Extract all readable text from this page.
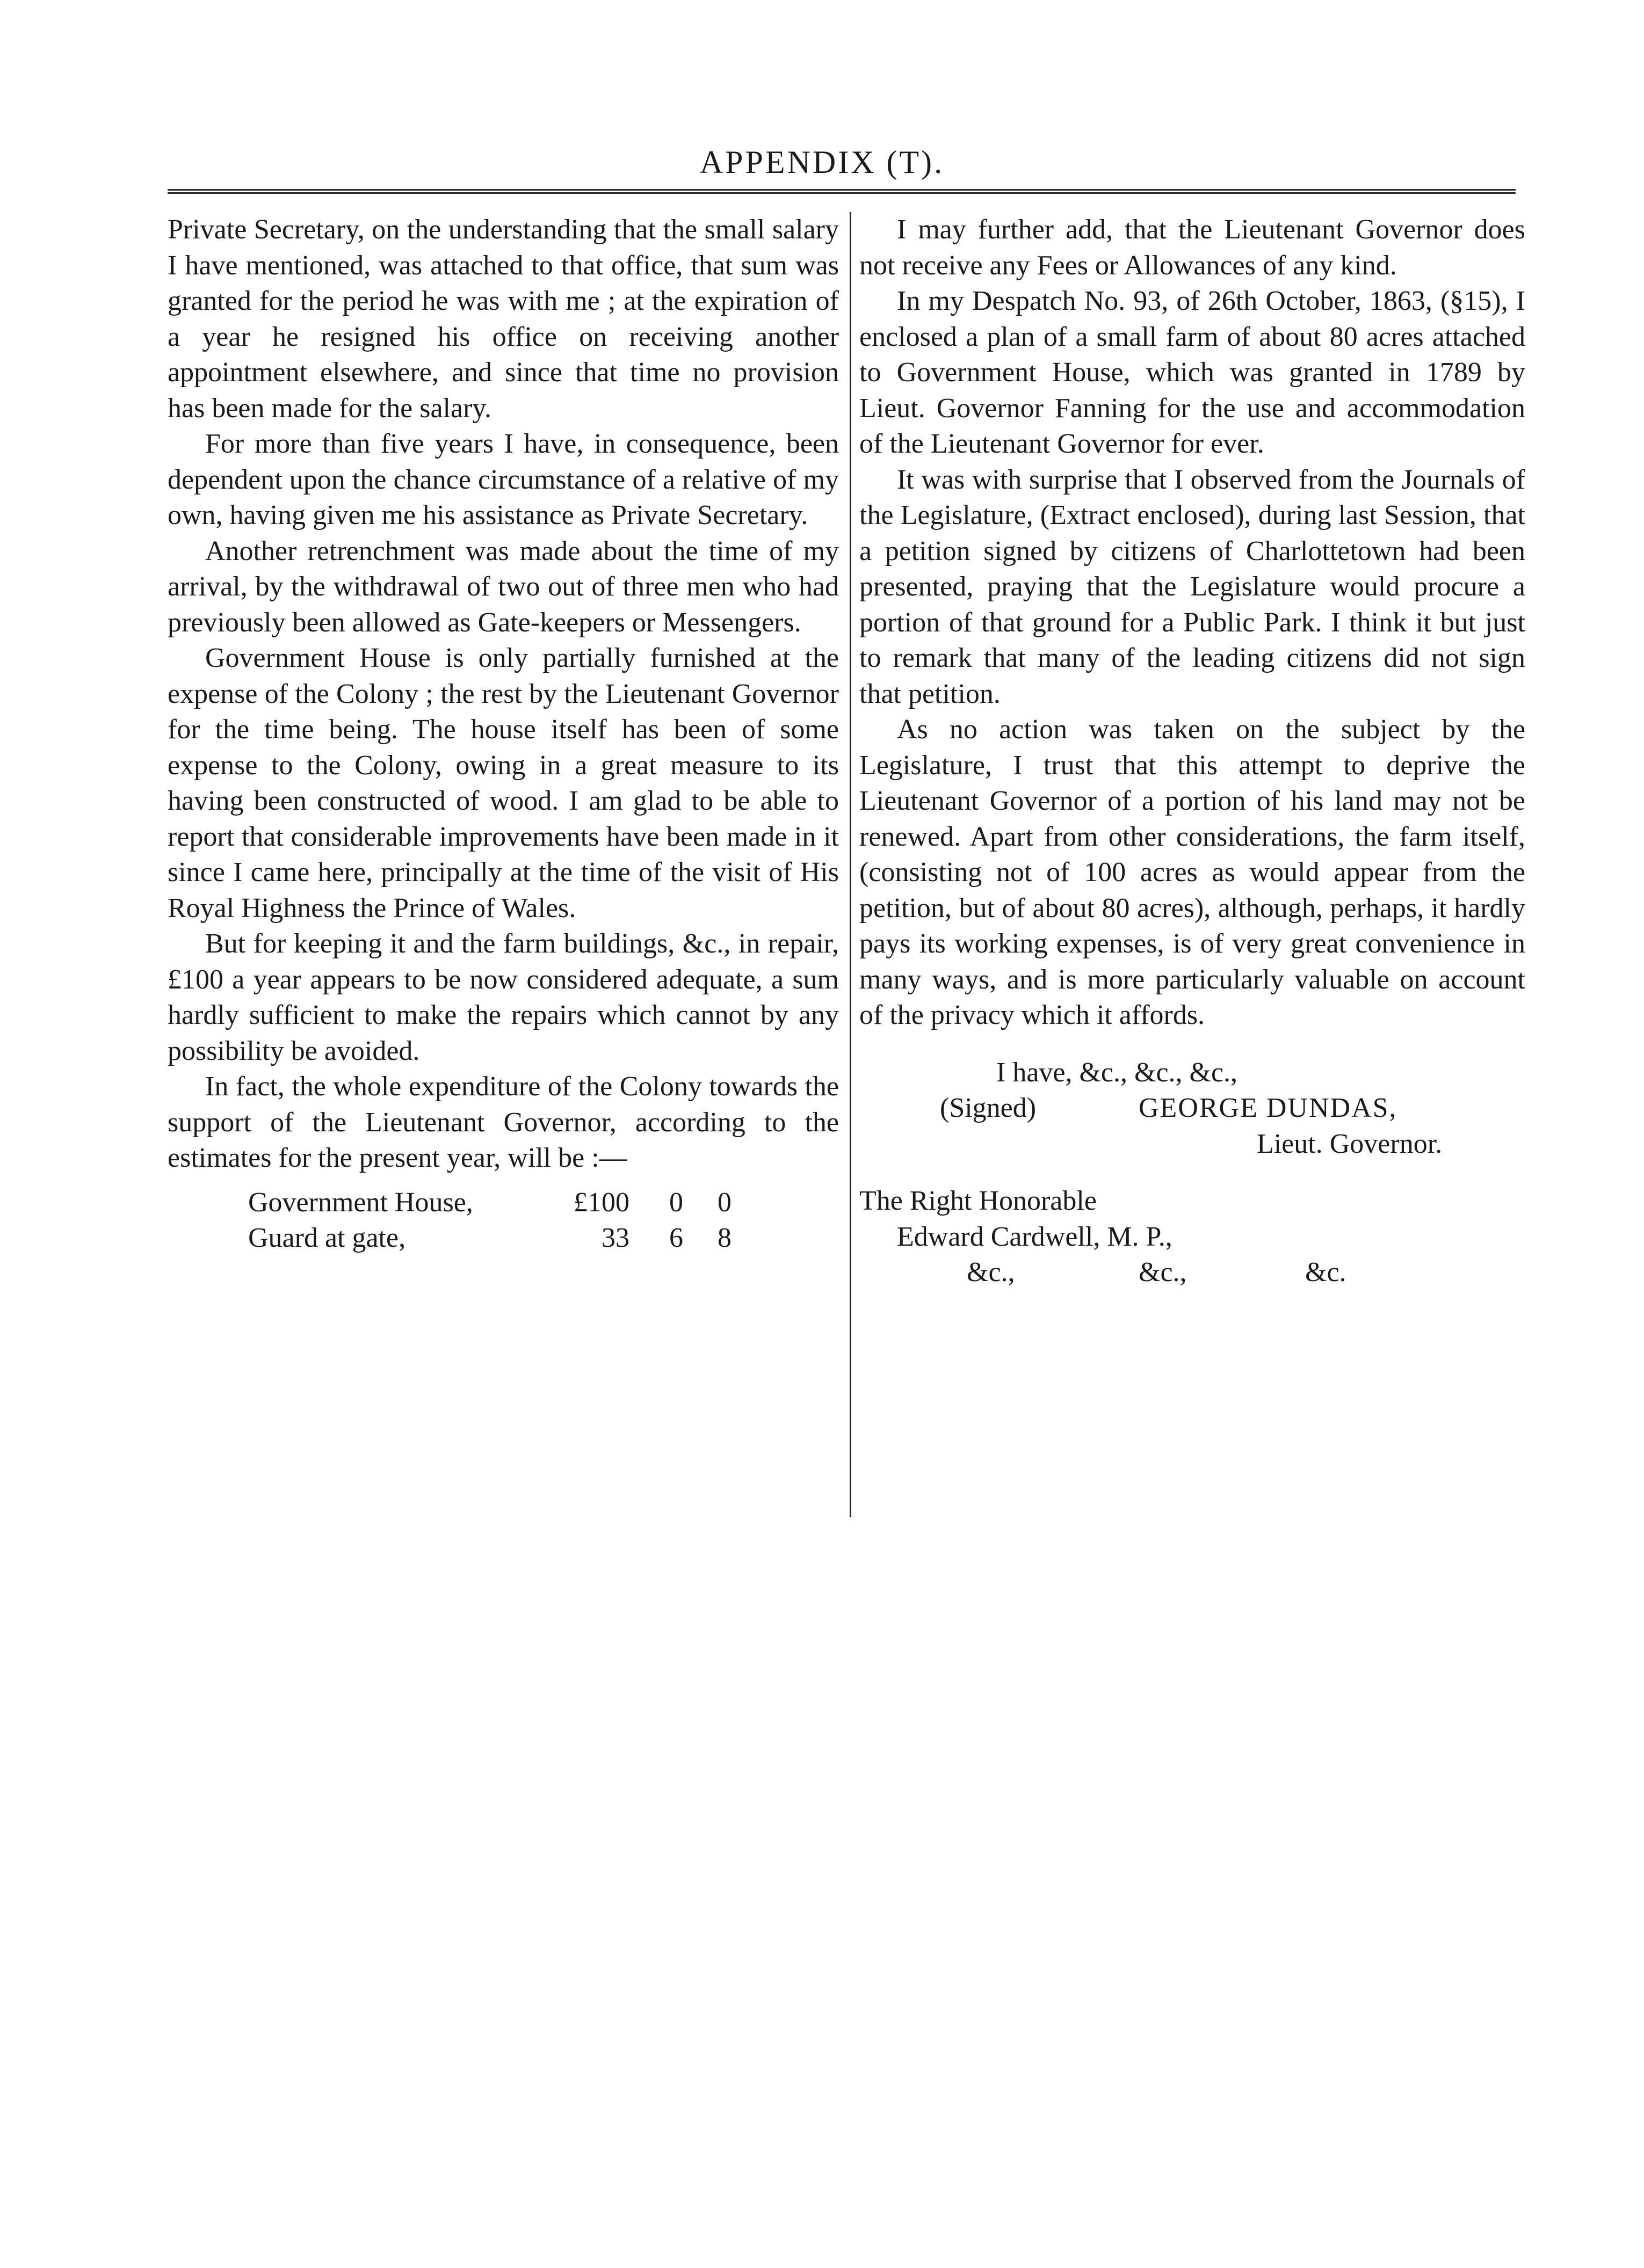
APPENDIX (T).

Private Secretary, on the understanding that the small salary I have mentioned, was attached to that office, that sum was granted for the period he was with me ; at the expiration of a year he resigned his office on receiving another appointment elsewhere, and since that time no provision has been made for the salary.

For more than five years I have, in consequence, been dependent upon the chance circumstance of a relative of my own, having given me his assistance as Private Secretary.

Another retrenchment was made about the time of my arrival, by the withdrawal of two out of three men who had previously been allowed as Gate-keepers or Messengers.

Government House is only partially furnished at the expense of the Colony ; the rest by the Lieutenant Governor for the time being. The house itself has been of some expense to the Colony, owing in a great measure to its having been constructed of wood. I am glad to be able to report that considerable improvements have been made in it since I came here, principally at the time of the visit of His Royal Highness the Prince of Wales.

But for keeping it and the farm buildings, &c., in repair, £100 a year appears to be now considered adequate, a sum hardly sufficient to make the repairs which cannot by any possibility be avoided.

In fact, the whole expenditure of the Colony towards the support of the Lieutenant Governor, according to the estimates for the present year, will be :—

Government House,	£100	0	0
Guard at gate,	33	6	8

I may further add, that the Lieutenant Governor does not receive any Fees or Allowances of any kind.

In my Despatch No. 93, of 26th October, 1863, (§15), I enclosed a plan of a small farm of about 80 acres attached to Government House, which was granted in 1789 by Lieut. Governor Fanning for the use and accommodation of the Lieutenant Governor for ever.

It was with surprise that I observed from the Journals of the Legislature, (Extract enclosed), during last Session, that a petition signed by citizens of Charlottetown had been presented, praying that the Legislature would procure a portion of that ground for a Public Park. I think it but just to remark that many of the leading citizens did not sign that petition.

As no action was taken on the subject by the Legislature, I trust that this attempt to deprive the Lieutenant Governor of a portion of his land may not be renewed. Apart from other considerations, the farm itself, (consisting not of 100 acres as would appear from the petition, but of about 80 acres), although, perhaps, it hardly pays its working expenses, is of very great convenience in many ways, and is more particularly valuable on account of the privacy which it affords.

I have, &c., &c., &c.,
(Signed)	GEORGE DUNDAS,
Lieut. Governor.
The Right Honorable
Edward Cardwell, M. P.,
&c.,	&c.,	&c.
